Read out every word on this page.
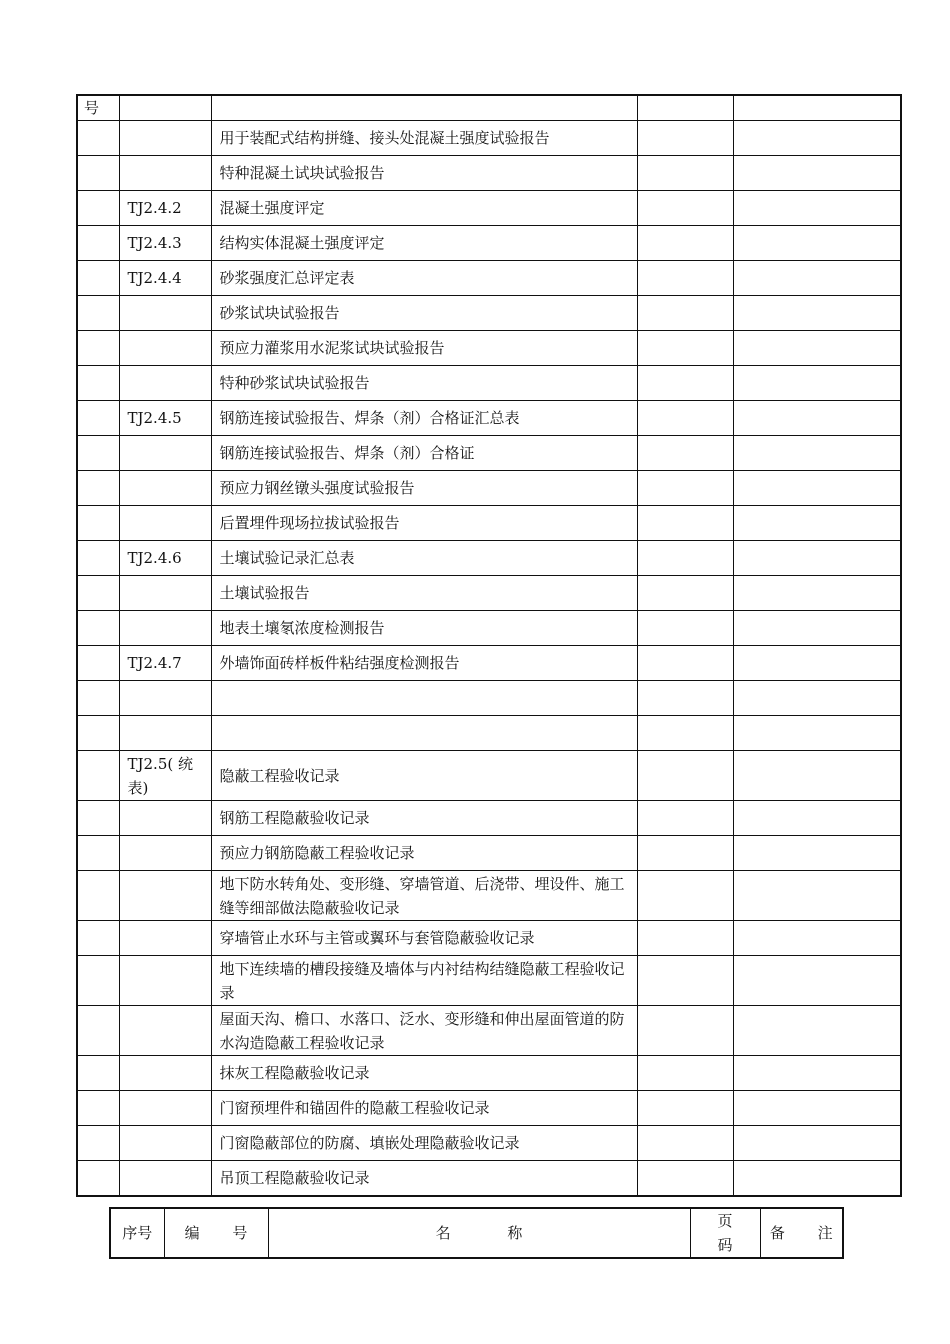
号				
		用于装配式结构拼缝、接头处混凝土强度试验报告		
		特种混凝土试块试验报告		
	TJ2.4.2	混凝土强度评定		
	TJ2.4.3	结构实体混凝土强度评定		
	TJ2.4.4	砂浆强度汇总评定表		
		砂浆试块试验报告		
		预应力灌浆用水泥浆试块试验报告		
		特种砂浆试块试验报告		
	TJ2.4.5	钢筋连接试验报告、焊条（剂）合格证汇总表		
		钢筋连接试验报告、焊条（剂）合格证		
		预应力钢丝镦头强度试验报告		
		后置埋件现场拉拔试验报告		
	TJ2.4.6	土壤试验记录汇总表		
		土壤试验报告		
		地表土壤氡浓度检测报告		
	TJ2.4.7	外墙饰面砖样板件粘结强度检测报告		

	TJ2.5( 统表)	隐蔽工程验收记录		
		钢筋工程隐蔽验收记录		
		预应力钢筋隐蔽工程验收记录		
		地下防水转角处、变形缝、穿墙管道、后浇带、埋设件、施工缝等细部做法隐蔽验收记录		
		穿墙管止水环与主管或翼环与套管隐蔽验收记录		
		地下连续墙的槽段接缝及墙体与内衬结构结缝隐蔽工程验收记录		
		屋面天沟、檐口、水落口、泛水、变形缝和伸出屋面管道的防水沟造隐蔽工程验收记录		
		抹灰工程隐蔽验收记录		
		门窗预埋件和锚固件的隐蔽工程验收记录		
		门窗隐蔽部位的防腐、填嵌处理隐蔽验收记录		
		吊顶工程隐蔽验收记录		
序号	编 号	名 称	页 码	备 注
